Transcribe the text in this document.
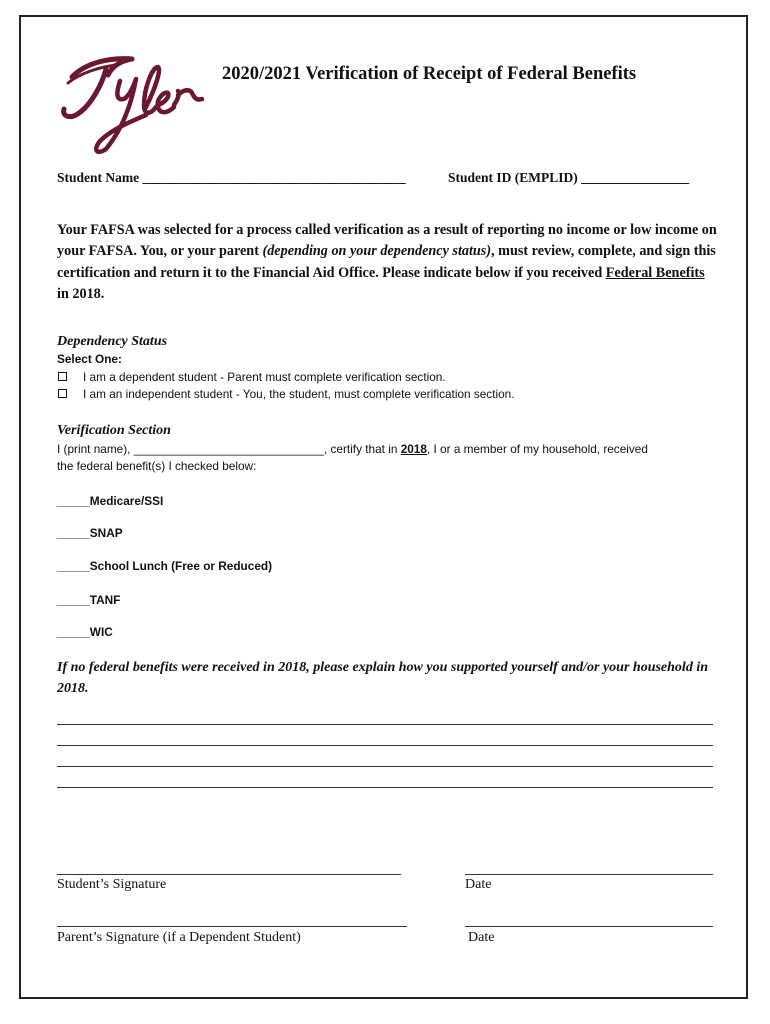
2020/2021 Verification of Receipt of Federal Benefits
Student Name _______________________________________	Student ID (EMPLID) ________________
Your FAFSA was selected for a process called verification as a result of reporting no income or low income on your FAFSA. You, or your parent (depending on your dependency status), must review, complete, and sign this certification and return it to the Financial Aid Office. Please indicate below if you received Federal Benefits in 2018.
Dependency Status
Select One:
I am a dependent student - Parent must complete verification section.
I am an independent student - You, the student, must complete verification section.
Verification Section
I (print name), _____________________________, certify that in 2018, I or a member of my household, received
the federal benefit(s) I checked below:
_____Medicare/SSI
_____SNAP
_____School Lunch (Free or Reduced)
_____TANF
_____WIC
If no federal benefits were received in 2018, please explain how you supported yourself and/or your household in 2018.
Student’s Signature	Date
Parent’s Signature (if a Dependent Student)	Date
